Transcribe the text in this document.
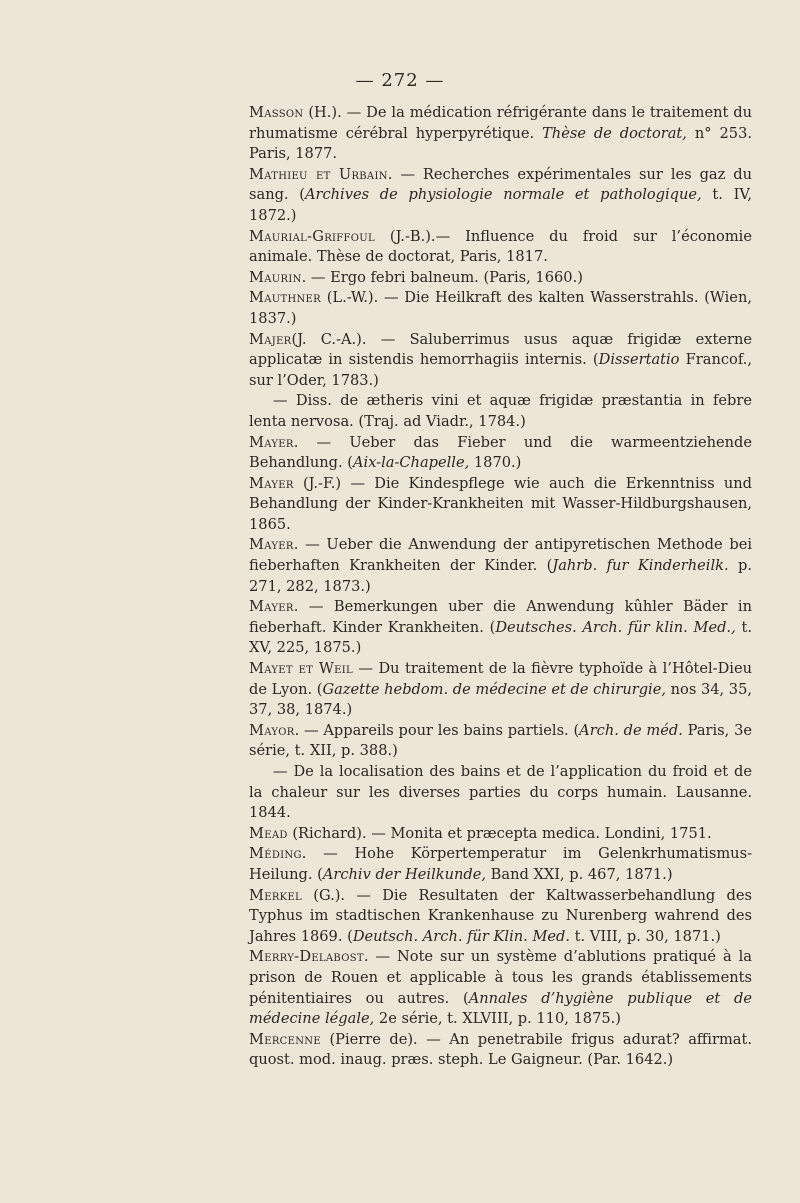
— 272 —

Masson (H.). — De la médication réfrigérante dans le traitement du rhumatisme cérébral hyperpyrétique. Thèse de doctorat, n° 253. Paris, 1877.

Mathieu et Urbain. — Recherches expérimentales sur les gaz du sang. (Archives de physiologie normale et pathologique, t. IV, 1872.)

Maurial-Griffoul (J.-B.).— Influence du froid sur l’économie animale. Thèse de doctorat, Paris, 1817.

Maurin. — Ergo febri balneum. (Paris, 1660.)

Mauthner (L.-W.). — Die Heilkraft des kalten Wasserstrahls. (Wien, 1837.)

Majer(J. C.-A.). — Saluberrimus usus aquæ frigidæ externe applicatæ in sistendis hemorrhagiis internis. (Dissertatio Francof., sur l’Oder, 1783.)

— Diss. de ætheris vini et aquæ frigidæ præstantia in febre lenta nervosa. (Traj. ad Viadr., 1784.)

Mayer. — Ueber das Fieber und die warmeentziehende Behandlung. (Aix-la-Chapelle, 1870.)

Mayer (J.-F.) — Die Kindespflege wie auch die Erkenntniss und Behandlung der Kinder-Krankheiten mit Wasser-Hildburgshausen, 1865.

Mayer. — Ueber die Anwendung der antipyretischen Methode bei fieberhaften Krankheiten der Kinder. (Jahrb. fur Kinderheilk. p. 271, 282, 1873.)

Mayer. — Bemerkungen uber die Anwendung kûhler Bäder in fieberhaft. Kinder Krankheiten. (Deutsches. Arch. für klin. Med., t. XV, 225, 1875.)

Mayet et Weil — Du traitement de la fièvre typhoïde à l’Hôtel-Dieu de Lyon. (Gazette hebdom. de médecine et de chirurgie, nos 34, 35, 37, 38, 1874.)

Mayor. — Appareils pour les bains partiels. (Arch. de méd. Paris, 3e série, t. XII, p. 388.)

— De la localisation des bains et de l’application du froid et de la chaleur sur les diverses parties du corps humain. Lausanne. 1844.

Mead (Richard). — Monita et præcepta medica. Londini, 1751.

Méding. — Hohe Körpertemperatur im Gelenkrhumatismus-Heilung. (Archiv der Heilkunde, Band XXI, p. 467, 1871.)

Merkel (G.). — Die Resultaten der Kaltwasserbehandlung des Typhus im stadtischen Krankenhause zu Nurenberg wahrend des Jahres 1869. (Deutsch. Arch. für Klin. Med. t. VIII, p. 30, 1871.)

Merry-Delabost. — Note sur un système d’ablutions pratiqué à la prison de Rouen et applicable à tous les grands établissements pénitentiaires ou autres. (Annales d’hygiène publique et de médecine légale, 2e série, t. XLVIII, p. 110, 1875.)

Mercenne (Pierre de). — An penetrabile frigus adurat? affirmat. quost. mod. inaug. præs. steph. Le Gaigneur. (Par. 1642.)
